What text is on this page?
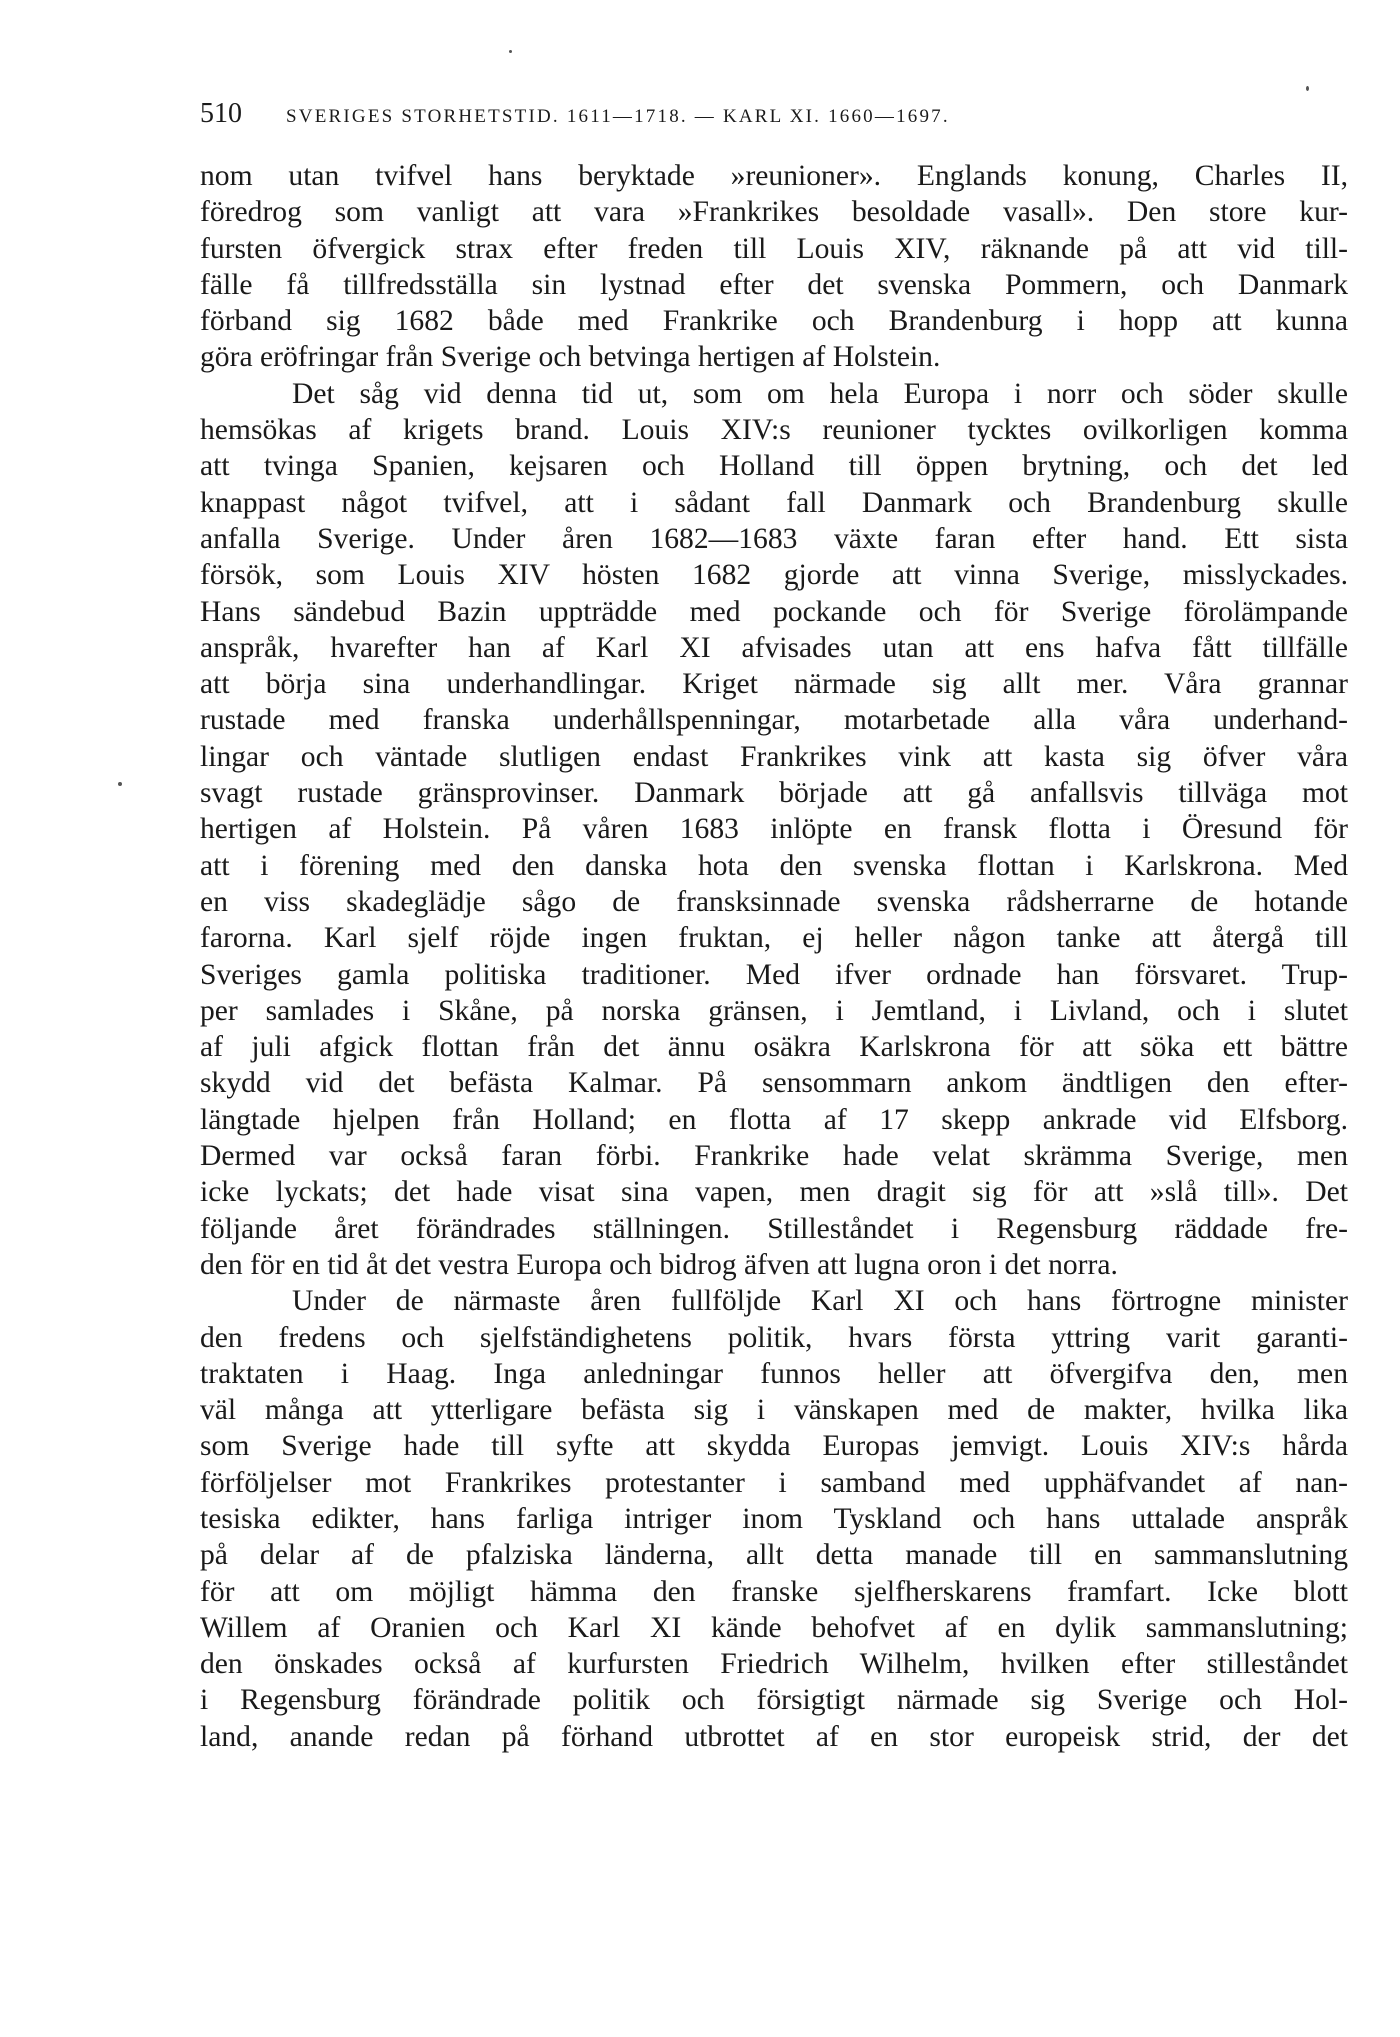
510 SVERIGES STORHETSTID. 1611—1718. — KARL XI. 1660—1697.
nom utan tvifvel hans beryktade »reunioner». Englands konung, Charles II,
föredrog som vanligt att vara »Frankrikes besoldade vasall». Den store kur-
fursten öfvergick strax efter freden till Louis XIV, räknande på att vid till-
fälle få tillfredsställa sin lystnad efter det svenska Pommern, och Danmark
förband sig 1682 både med Frankrike och Brandenburg i hopp att kunna
göra eröfringar från Sverige och betvinga hertigen af Holstein.
Det såg vid denna tid ut, som om hela Europa i norr och söder skulle
hemsökas af krigets brand. Louis XIV:s reunioner tycktes ovilkorligen komma
att tvinga Spanien, kejsaren och Holland till öppen brytning, och det led
knappast något tvifvel, att i sådant fall Danmark och Brandenburg skulle
anfalla Sverige. Under åren 1682—1683 växte faran efter hand. Ett sista
försök, som Louis XIV hösten 1682 gjorde att vinna Sverige, misslyckades.
Hans sändebud Bazin uppträdde med pockande och för Sverige förolämpande
anspråk, hvarefter han af Karl XI afvisades utan att ens hafva fått tillfälle
att börja sina underhandlingar. Kriget närmade sig allt mer. Våra grannar
rustade med franska underhållspenningar, motarbetade alla våra underhand-
lingar och väntade slutligen endast Frankrikes vink att kasta sig öfver våra
svagt rustade gränsprovinser. Danmark började att gå anfallsvis tillväga mot
hertigen af Holstein. På våren 1683 inlöpte en fransk flotta i Öresund för
att i förening med den danska hota den svenska flottan i Karlskrona. Med
en viss skadeglädje sågo de fransksinnade svenska rådsherrarne de hotande
farorna. Karl sjelf röjde ingen fruktan, ej heller någon tanke att återgå till
Sveriges gamla politiska traditioner. Med ifver ordnade han försvaret. Trup-
per samlades i Skåne, på norska gränsen, i Jemtland, i Livland, och i slutet
af juli afgick flottan från det ännu osäkra Karlskrona för att söka ett bättre
skydd vid det befästa Kalmar. På sensommarn ankom ändtligen den efter-
längtade hjelpen från Holland; en flotta af 17 skepp ankrade vid Elfsborg.
Dermed var också faran förbi. Frankrike hade velat skrämma Sverige, men
icke lyckats; det hade visat sina vapen, men dragit sig för att »slå till». Det
följande året förändrades ställningen. Stilleståndet i Regensburg räddade fre-
den för en tid åt det vestra Europa och bidrog äfven att lugna oron i det norra.
Under de närmaste åren fullföljde Karl XI och hans förtrogne minister
den fredens och sjelfständighetens politik, hvars första yttring varit garanti-
traktaten i Haag. Inga anledningar funnos heller att öfvergifva den, men
väl många att ytterligare befästa sig i vänskapen med de makter, hvilka lika
som Sverige hade till syfte att skydda Europas jemvigt. Louis XIV:s hårda
förföljelser mot Frankrikes protestanter i samband med upphäfvandet af nan-
tesiska edikter, hans farliga intriger inom Tyskland och hans uttalade anspråk
på delar af de pfalziska länderna, allt detta manade till en sammanslutning
för att om möjligt hämma den franske sjelfherskarens framfart. Icke blott
Willem af Oranien och Karl XI kände behofvet af en dylik sammanslutning;
den önskades också af kurfursten Friedrich Wilhelm, hvilken efter stilleståndet
i Regensburg förändrade politik och försigtigt närmade sig Sverige och Hol-
land, anande redan på förhand utbrottet af en stor europeisk strid, der det
